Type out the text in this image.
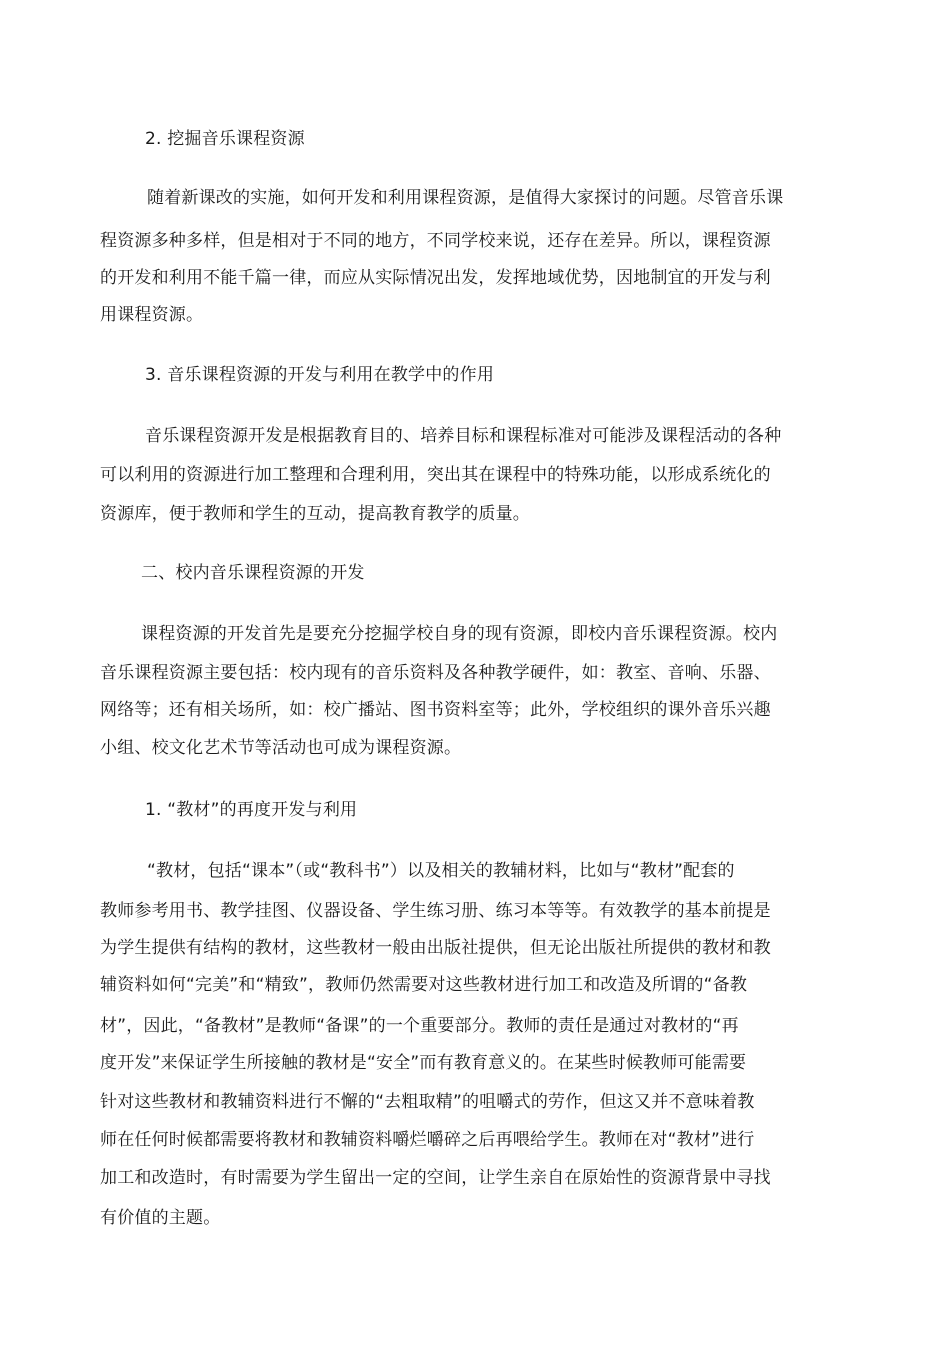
2. 挖掘音乐课程资源
随着新课改的实施，如何开发和利用课程资源，是值得大家探讨的问题。尽管音乐课
程资源多种多样，但是相对于不同的地方，不同学校来说，还存在差异。所以，课程资源
的开发和利用不能千篇一律，而应从实际情况出发，发挥地域优势，因地制宜的开发与利
用课程资源。
3. 音乐课程资源的开发与利用在教学中的作用
音乐课程资源开发是根据教育目的、培养目标和课程标准对可能涉及课程活动的各种
可以利用的资源进行加工整理和合理利用，突出其在课程中的特殊功能，以形成系统化的
资源库，便于教师和学生的互动，提高教育教学的质量。
二、校内音乐课程资源的开发
课程资源的开发首先是要充分挖掘学校自身的现有资源，即校内音乐课程资源。校内
音乐课程资源主要包括：校内现有的音乐资料及各种教学硬件，如：教室、音响、乐器、
网络等；还有相关场所，如：校广播站、图书资料室等；此外，学校组织的课外音乐兴趣
小组、校文化艺术节等活动也可成为课程资源。
1. “教材”的再度开发与利用
“教材，包括“课本”（或“教科书”）以及相关的教辅材料，比如与“教材”配套的
教师参考用书、教学挂图、仪器设备、学生练习册、练习本等等。有效教学的基本前提是
为学生提供有结构的教材，这些教材一般由出版社提供，但无论出版社所提供的教材和教
辅资料如何“完美”和“精致”，教师仍然需要对这些教材进行加工和改造及所谓的“备教
材”，因此，“备教材”是教师“备课”的一个重要部分。教师的责任是通过对教材的“再
度开发”来保证学生所接触的教材是“安全”而有教育意义的。在某些时候教师可能需要
针对这些教材和教辅资料进行不懈的“去粗取精”的咀嚼式的劳作，但这又并不意味着教
师在任何时候都需要将教材和教辅资料嚼烂嚼碎之后再喂给学生。教师在对“教材”进行
加工和改造时，有时需要为学生留出一定的空间，让学生亲自在原始性的资源背景中寻找
有价值的主题。
